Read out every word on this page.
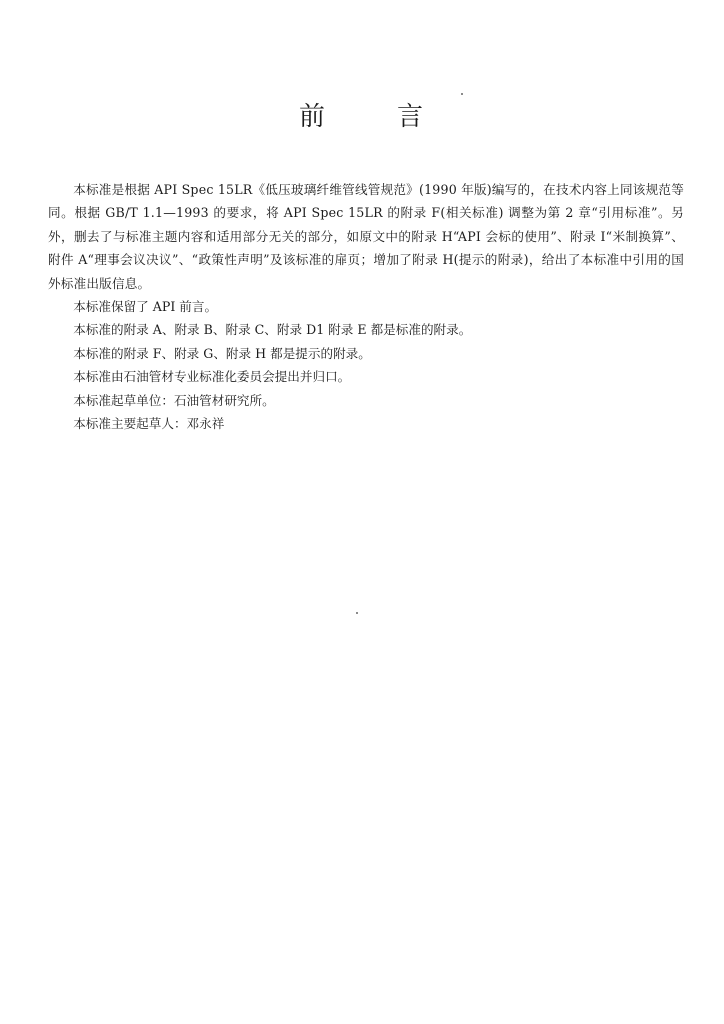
前	言

本标准是根据 API Spec 15LR《低压玻璃纤维管线管规范》(1990 年版)编写的，在技术内容上同该规范等同。根据 GB/T 1.1—1993 的要求，将 API Spec 15LR 的附录 F(相关标准) 调整为第 2 章“引用标准”。另外，删去了与标准主题内容和适用部分无关的部分，如原文中的附录 H“API 会标的使用”、附录 I“米制换算”、附件 A“理事会议决议”、“政策性声明”及该标准的扉页；增加了附录 H(提示的附录)，给出了本标准中引用的国外标准出版信息。

本标准保留了 API 前言。

本标准的附录 A、附录 B、附录 C、附录 D1 附录 E 都是标准的附录。

本标准的附录 F、附录 G、附录 H 都是提示的附录。

本标准由石油管材专业标准化委员会提出并归口。

本标准起草单位：石油管材研究所。

本标准主要起草人：邓永祥
